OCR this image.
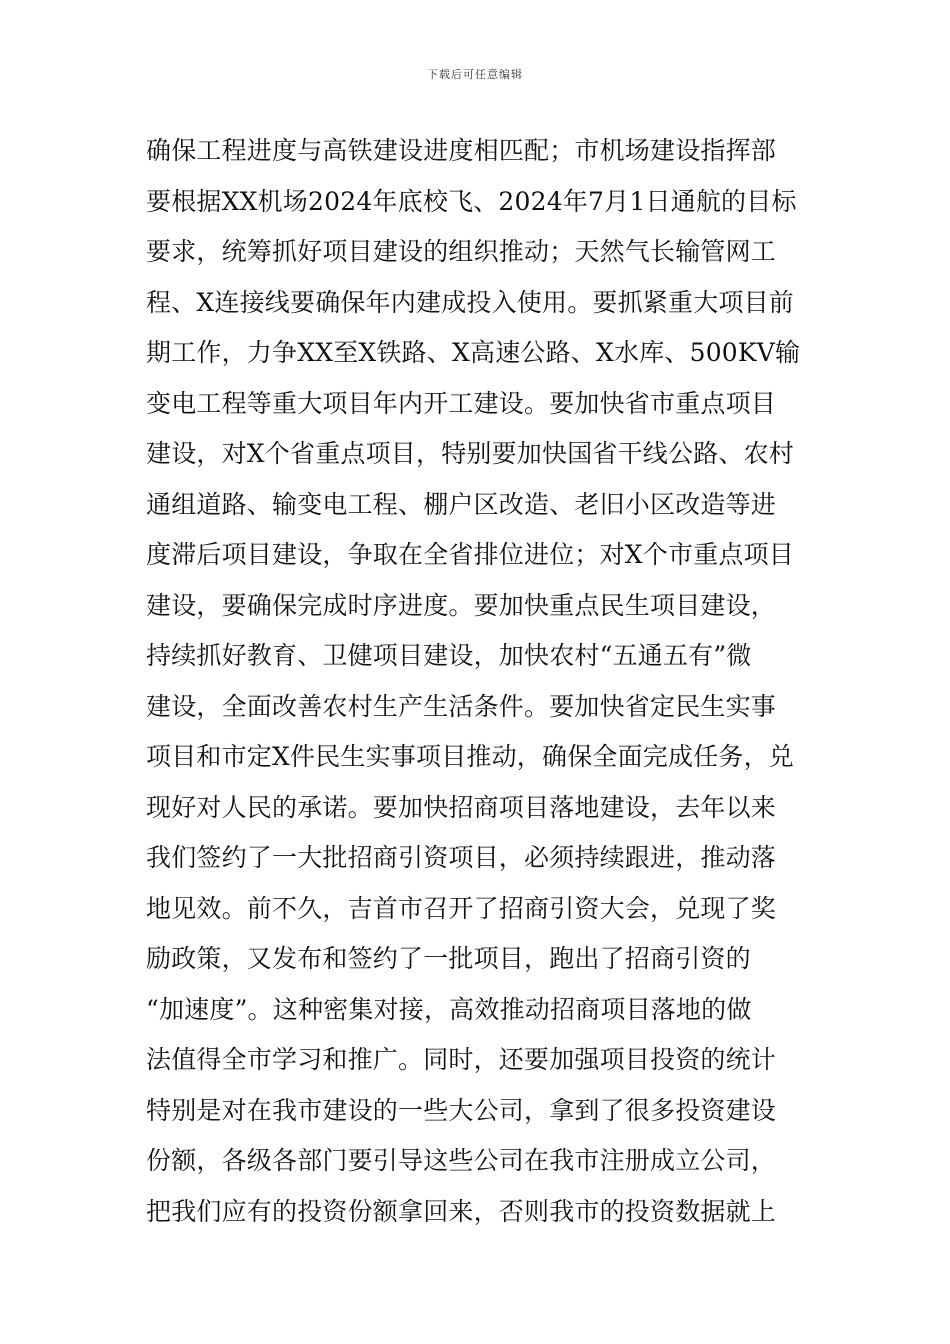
下载后可任意编辑
确保工程进度与高铁建设进度相匹配；市机场建设指挥部
要根据XX机场2024年底校飞、2024年7月1日通航的目标
要求，统筹抓好项目建设的组织推动；天然气长输管网工
程、X连接线要确保年内建成投入使用。要抓紧重大项目前
期工作，力争XX至X铁路、X高速公路、X水库、500KV输
变电工程等重大项目年内开工建设。要加快省市重点项目
建设，对X个省重点项目，特别要加快国省干线公路、农村
通组道路、输变电工程、棚户区改造、老旧小区改造等进
度滞后项目建设，争取在全省排位进位；对X个市重点项目
建设，要确保完成时序进度。要加快重点民生项目建设，
持续抓好教育、卫健项目建设，加快农村“五通五有”微
建设，全面改善农村生产生活条件。要加快省定民生实事
项目和市定X件民生实事项目推动，确保全面完成任务，兑
现好对人民的承诺。要加快招商项目落地建设，去年以来
我们签约了一大批招商引资项目，必须持续跟进，推动落
地见效。前不久，吉首市召开了招商引资大会，兑现了奖
励政策，又发布和签约了一批项目，跑出了招商引资的
“加速度”。这种密集对接，高效推动招商项目落地的做
法值得全市学习和推广。同时，还要加强项目投资的统计
特别是对在我市建设的一些大公司，拿到了很多投资建设
份额，各级各部门要引导这些公司在我市注册成立公司，
把我们应有的投资份额拿回来，否则我市的投资数据就上
